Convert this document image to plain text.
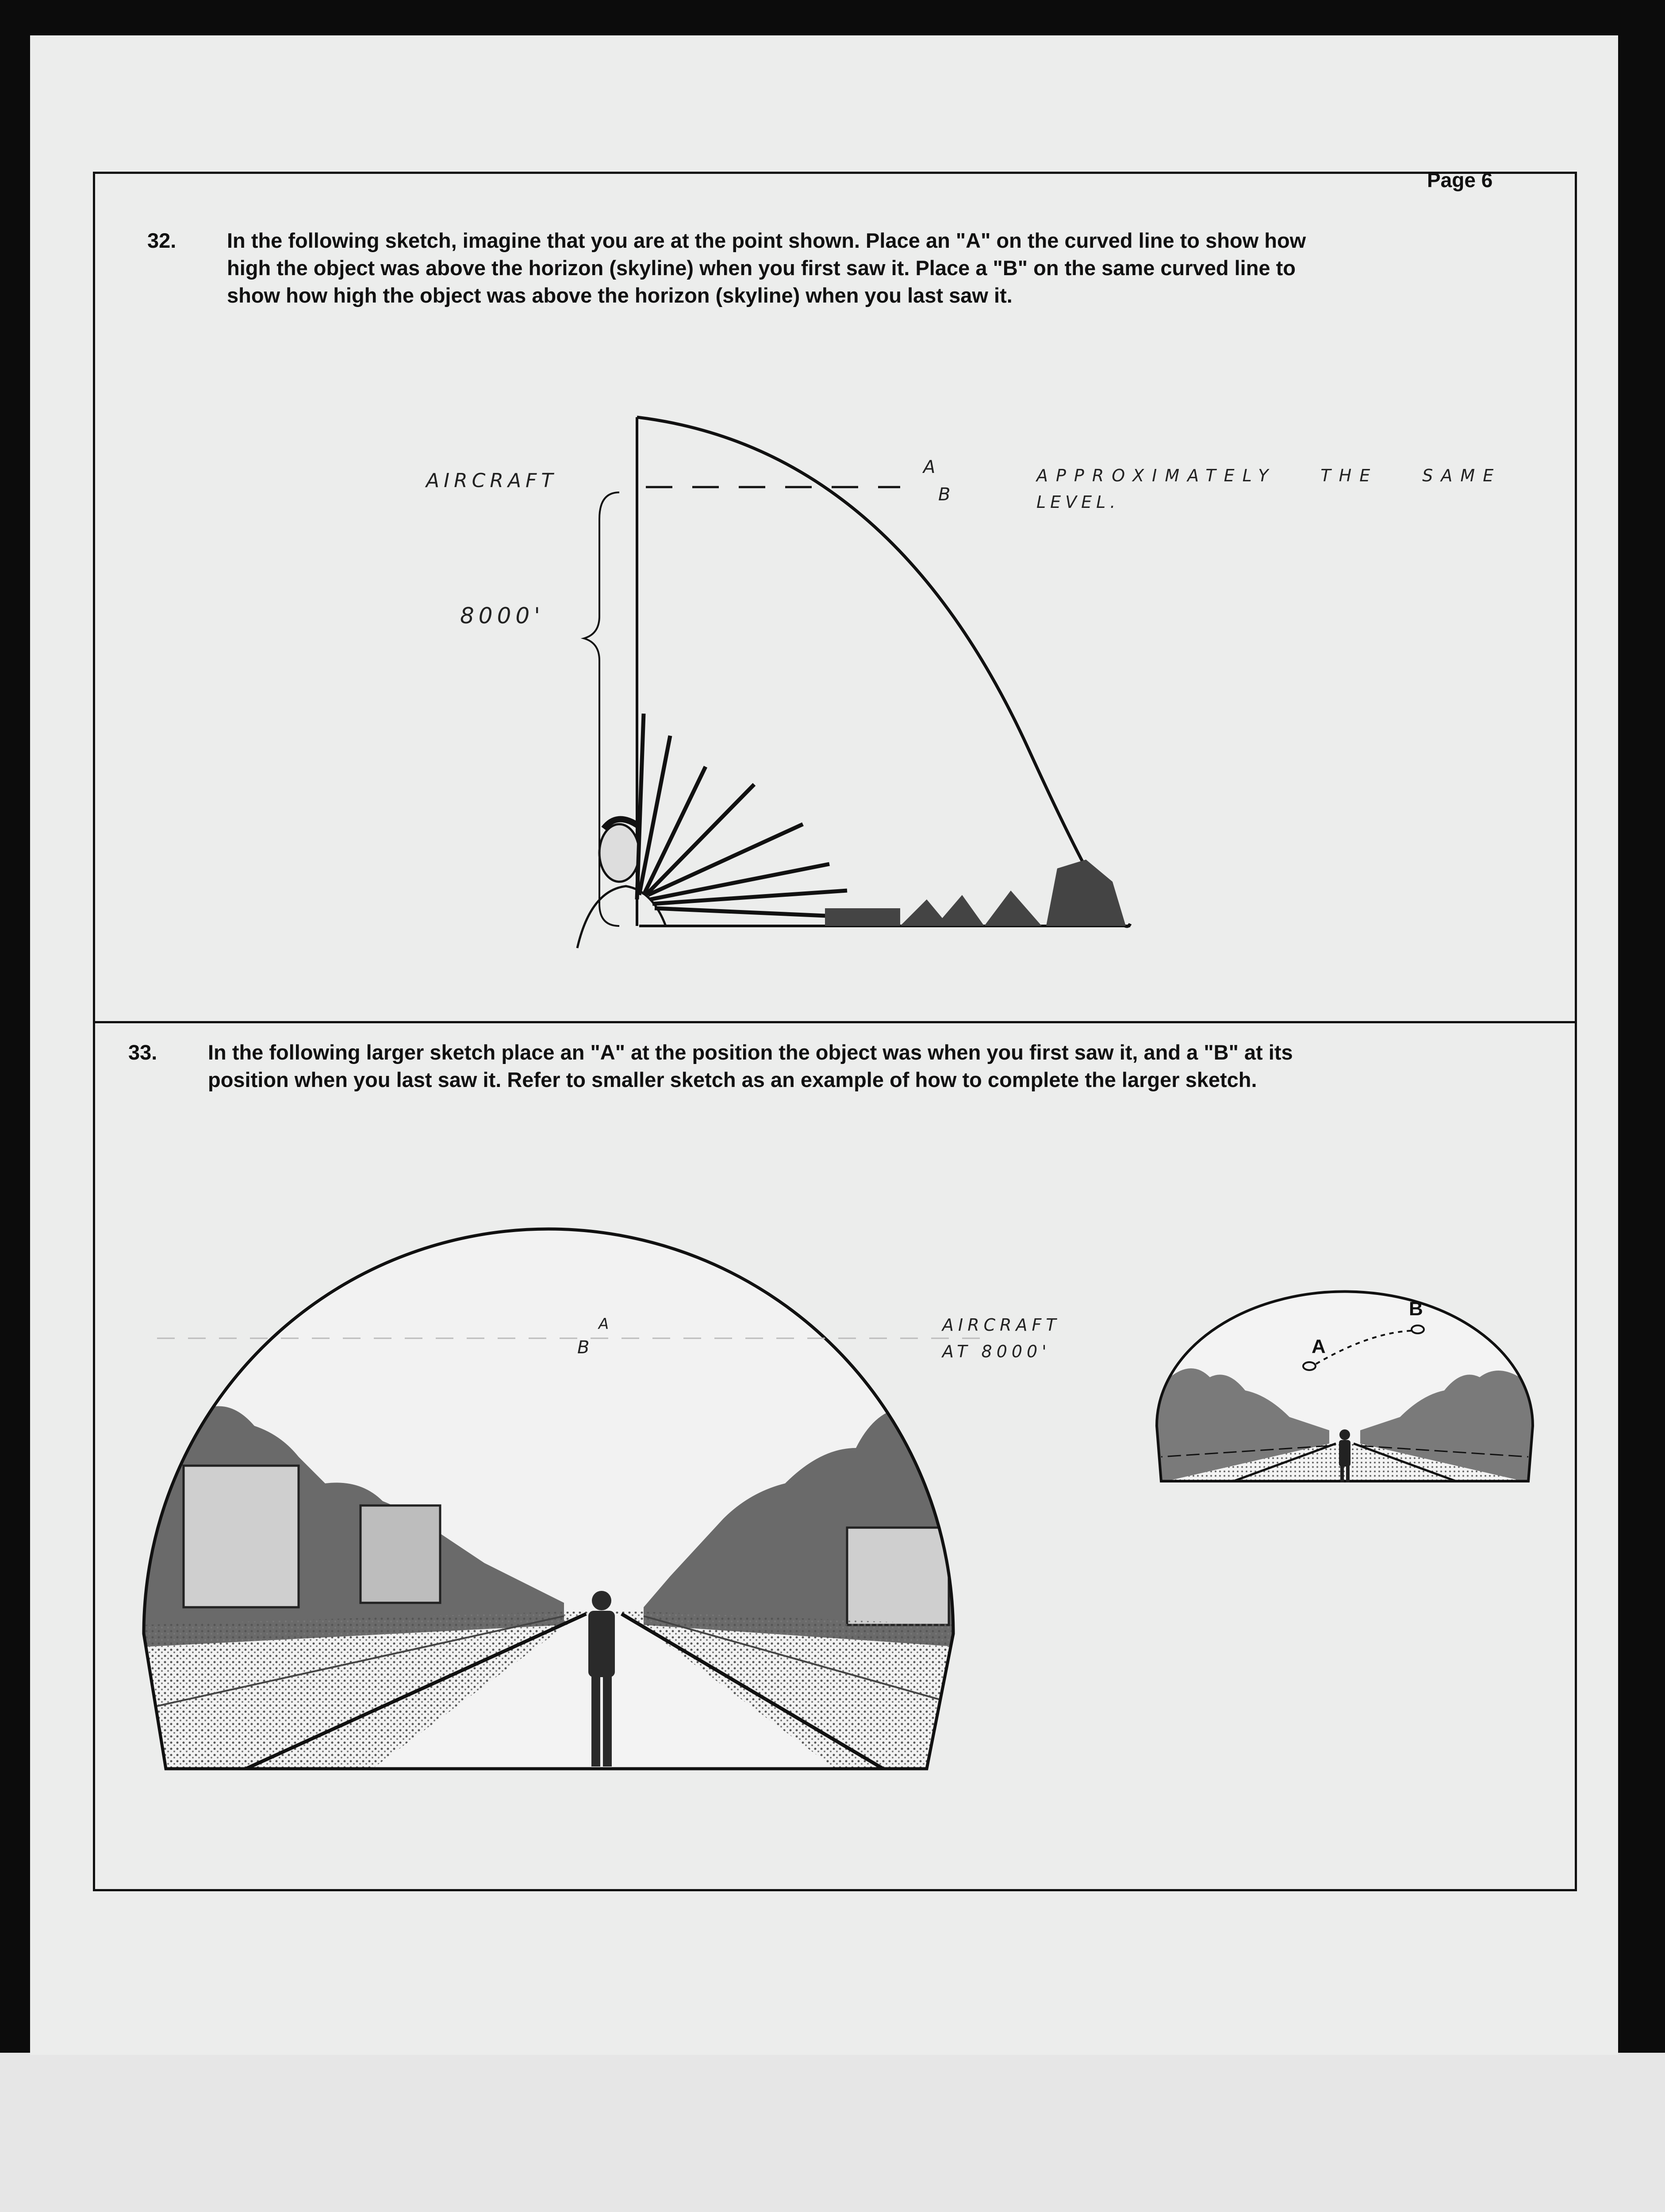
Page 6
32. In the following sketch, imagine that you are at the point shown. Place an "A" on the curved line to show how
high the object was above the horizon (skyline) when you first saw it. Place a "B" on the same curved line to
show how high the object was above the horizon (skyline) when you last saw it.
AIRCRAFT
8000'
A
B
APPROXIMATELY THE SAME
LEVEL.
33. In the following larger sketch place an "A" at the position the object was when you first saw it, and a "B" at its
position when you last saw it. Refer to smaller sketch as an example of how to complete the larger sketch.
A
B
AIRCRAFT
AT 8000'	A
B
